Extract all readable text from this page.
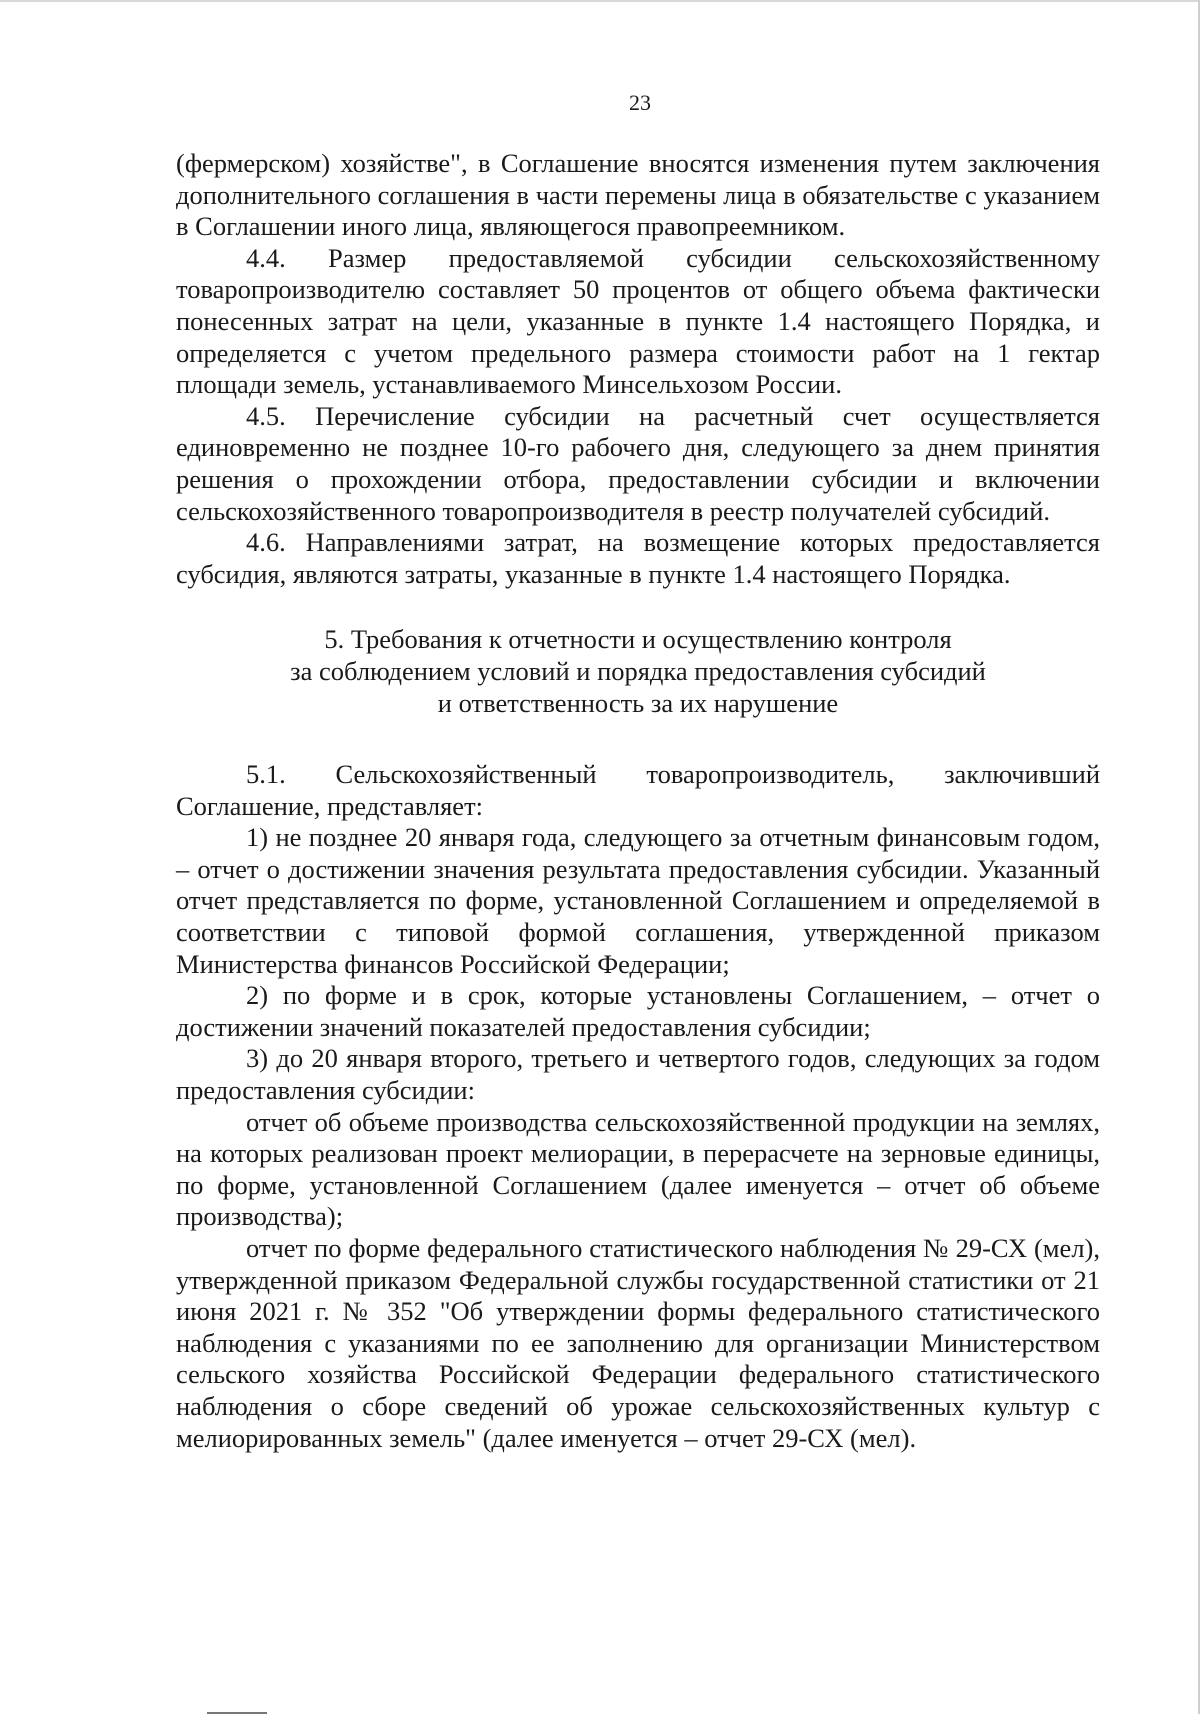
23

(фермерском) хозяйстве", в Соглашение вносятся изменения путем заключения дополнительного соглашения в части перемены лица в обязательстве с указанием в Соглашении иного лица, являющегося правопреемником.

4.4. Размер предоставляемой субсидии сельскохозяйственному товаропроизводителю составляет 50 процентов от общего объема фактически понесенных затрат на цели, указанные в пункте 1.4 настоящего Порядка, и определяется с учетом предельного размера стоимости работ на 1 гектар площади земель, устанавливаемого Минсельхозом России.

4.5. Перечисление субсидии на расчетный счет осуществляется единовременно не позднее 10-го рабочего дня, следующего за днем принятия решения о прохождении отбора, предоставлении субсидии и включении сельскохозяйственного товаропроизводителя в реестр получателей субсидий.

4.6. Направлениями затрат, на возмещение которых предоставляется субсидия, являются затраты, указанные в пункте 1.4 настоящего Порядка.

5. Требования к отчетности и осуществлению контроля
за соблюдением условий и порядка предоставления субсидий
и ответственность за их нарушение

5.1. Сельскохозяйственный товаропроизводитель, заключивший Соглашение, представляет:

1) не позднее 20 января года, следующего за отчетным финансовым годом, – отчет о достижении значения результата предоставления субсидии. Указанный отчет представляется по форме, установленной Соглашением и определяемой в соответствии с типовой формой соглашения, утвержденной приказом Министерства финансов Российской Федерации;

2) по форме и в срок, которые установлены Соглашением, – отчет о достижении значений показателей предоставления субсидии;

3) до 20 января второго, третьего и четвертого годов, следующих за годом предоставления субсидии:

отчет об объеме производства сельскохозяйственной продукции на землях, на которых реализован проект мелиорации, в перерасчете на зерновые единицы, по форме, установленной Соглашением (далее именуется – отчет об объеме производства);

отчет по форме федерального статистического наблюдения № 29-СХ (мел), утвержденной приказом Федеральной службы государственной статистики от 21 июня 2021 г. № 352 "Об утверждении формы федерального статистического наблюдения с указаниями по ее заполнению для организации Министерством сельского хозяйства Российской Федерации федерального статистического наблюдения о сборе сведений об урожае сельскохозяйственных культур с мелиорированных земель" (далее именуется – отчет 29-СХ (мел).
